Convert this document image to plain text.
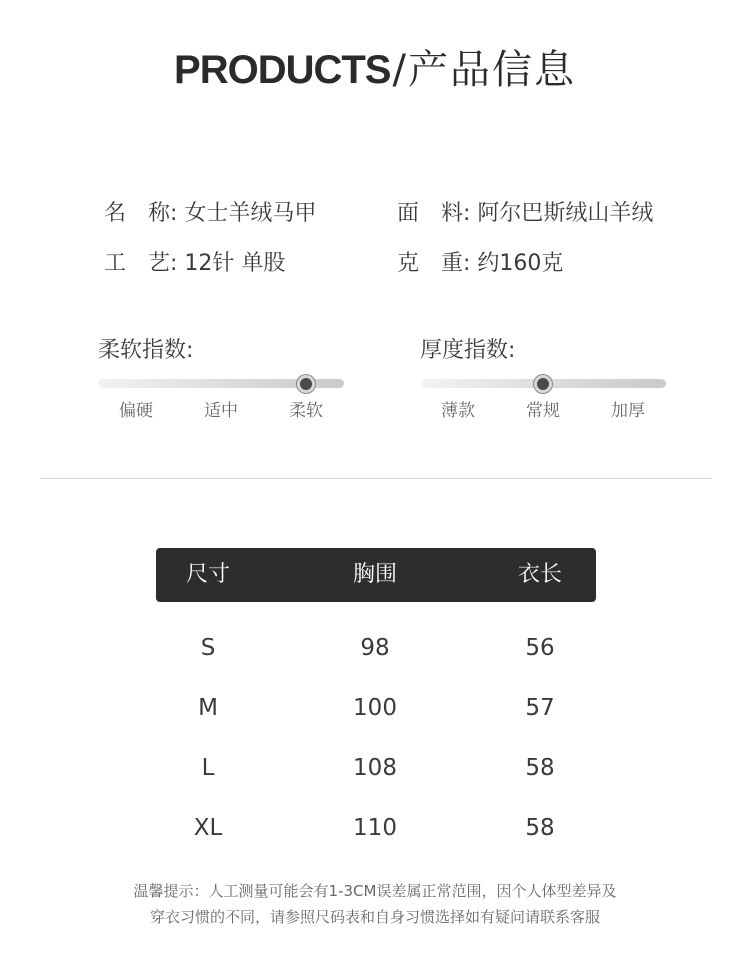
PRODUCTS/产品信息
名　称: 女士羊绒马甲	面　料: 阿尔巴斯绒山羊绒
工　艺: 12针 单股	克　重: 约160克
柔软指数:
偏硬	适中	柔软
厚度指数:
薄款	常规	加厚
尺寸	胸围	衣长
S	98	56
M	100	57
L	108	58
XL	110	58
温馨提示：人工测量可能会有1-3CM误差属正常范围，因个人体型差异及
穿衣习惯的不同，请参照尺码表和自身习惯选择如有疑问请联系客服
